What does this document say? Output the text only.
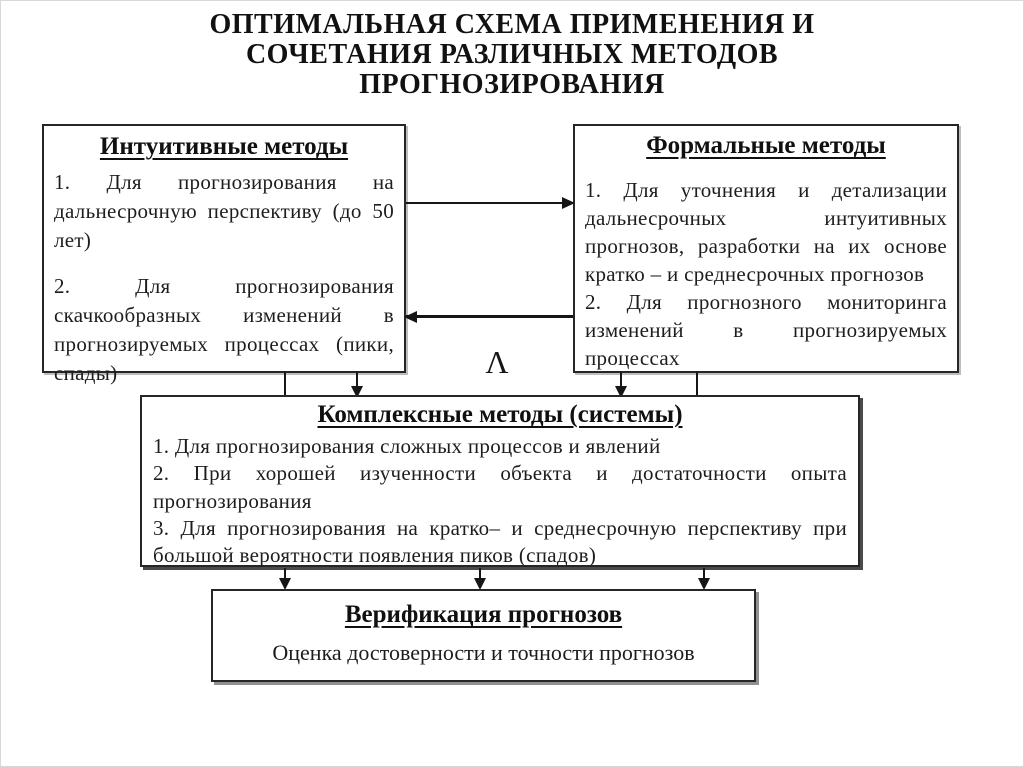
ОПТИМАЛЬНАЯ СХЕМА ПРИМЕНЕНИЯ И
СОЧЕТАНИЯ РАЗЛИЧНЫХ МЕТОДОВ
ПРОГНОЗИРОВАНИЯ
Интуитивные методы

1. Для прогнозирования на дальнесрочную перспективу (до 50 лет)

2. Для прогнозирования скачкообразных изменений в прогнозируемых процессах (пики, спады)

Формальные методы

1. Для уточнения и детализации дальнесрочных интуитивных прогнозов, разработки на их основе кратко – и среднесрочных прогнозов

2. Для прогнозного мониторинга изменений в прогнозируемых процессах

Λ
Комплексные методы (системы)

1. Для прогнозирования сложных процессов и явлений

2. При хорошей изученности объекта и достаточности опыта прогнозирования

3. Для прогнозирования на кратко– и среднесрочную перспективу при большой вероятности появления пиков (спадов)

Верификация прогнозов

Оценка достоверности и точности прогнозов
